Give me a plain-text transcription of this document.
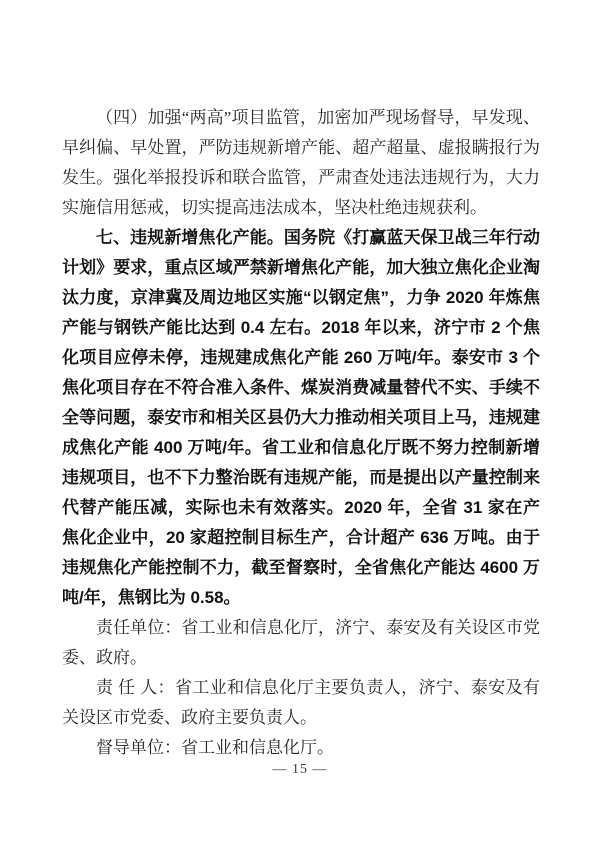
（四）加强“两高”项目监管，加密加严现场督导，早发现、早纠偏、早处置，严防违规新增产能、超产超量、虚报瞒报行为发生。强化举报投诉和联合监管，严肃查处违法违规行为，大力实施信用惩戒，切实提高违法成本，坚决杜绝违规获利。

七、违规新增焦化产能。国务院《打赢蓝天保卫战三年行动计划》要求，重点区域严禁新增焦化产能，加大独立焦化企业淘汰力度，京津冀及周边地区实施“以钢定焦”，力争 2020 年炼焦产能与钢铁产能比达到 0.4 左右。2018 年以来，济宁市 2 个焦化项目应停未停，违规建成焦化产能 260 万吨/年。泰安市 3 个焦化项目存在不符合准入条件、煤炭消费减量替代不实、手续不全等问题，泰安市和相关区县仍大力推动相关项目上马，违规建成焦化产能 400 万吨/年。省工业和信息化厅既不努力控制新增违规项目，也不下力整治既有违规产能，而是提出以产量控制来代替产能压减，实际也未有效落实。2020 年，全省 31 家在产焦化企业中，20 家超控制目标生产，合计超产 636 万吨。由于违规焦化产能控制不力，截至督察时，全省焦化产能达 4600 万吨/年，焦钢比为 0.58。

责任单位：省工业和信息化厅，济宁、泰安及有关设区市党委、政府。

责 任 人：省工业和信息化厅主要负责人，济宁、泰安及有关设区市党委、政府主要负责人。

督导单位：省工业和信息化厅。

— 15 —
